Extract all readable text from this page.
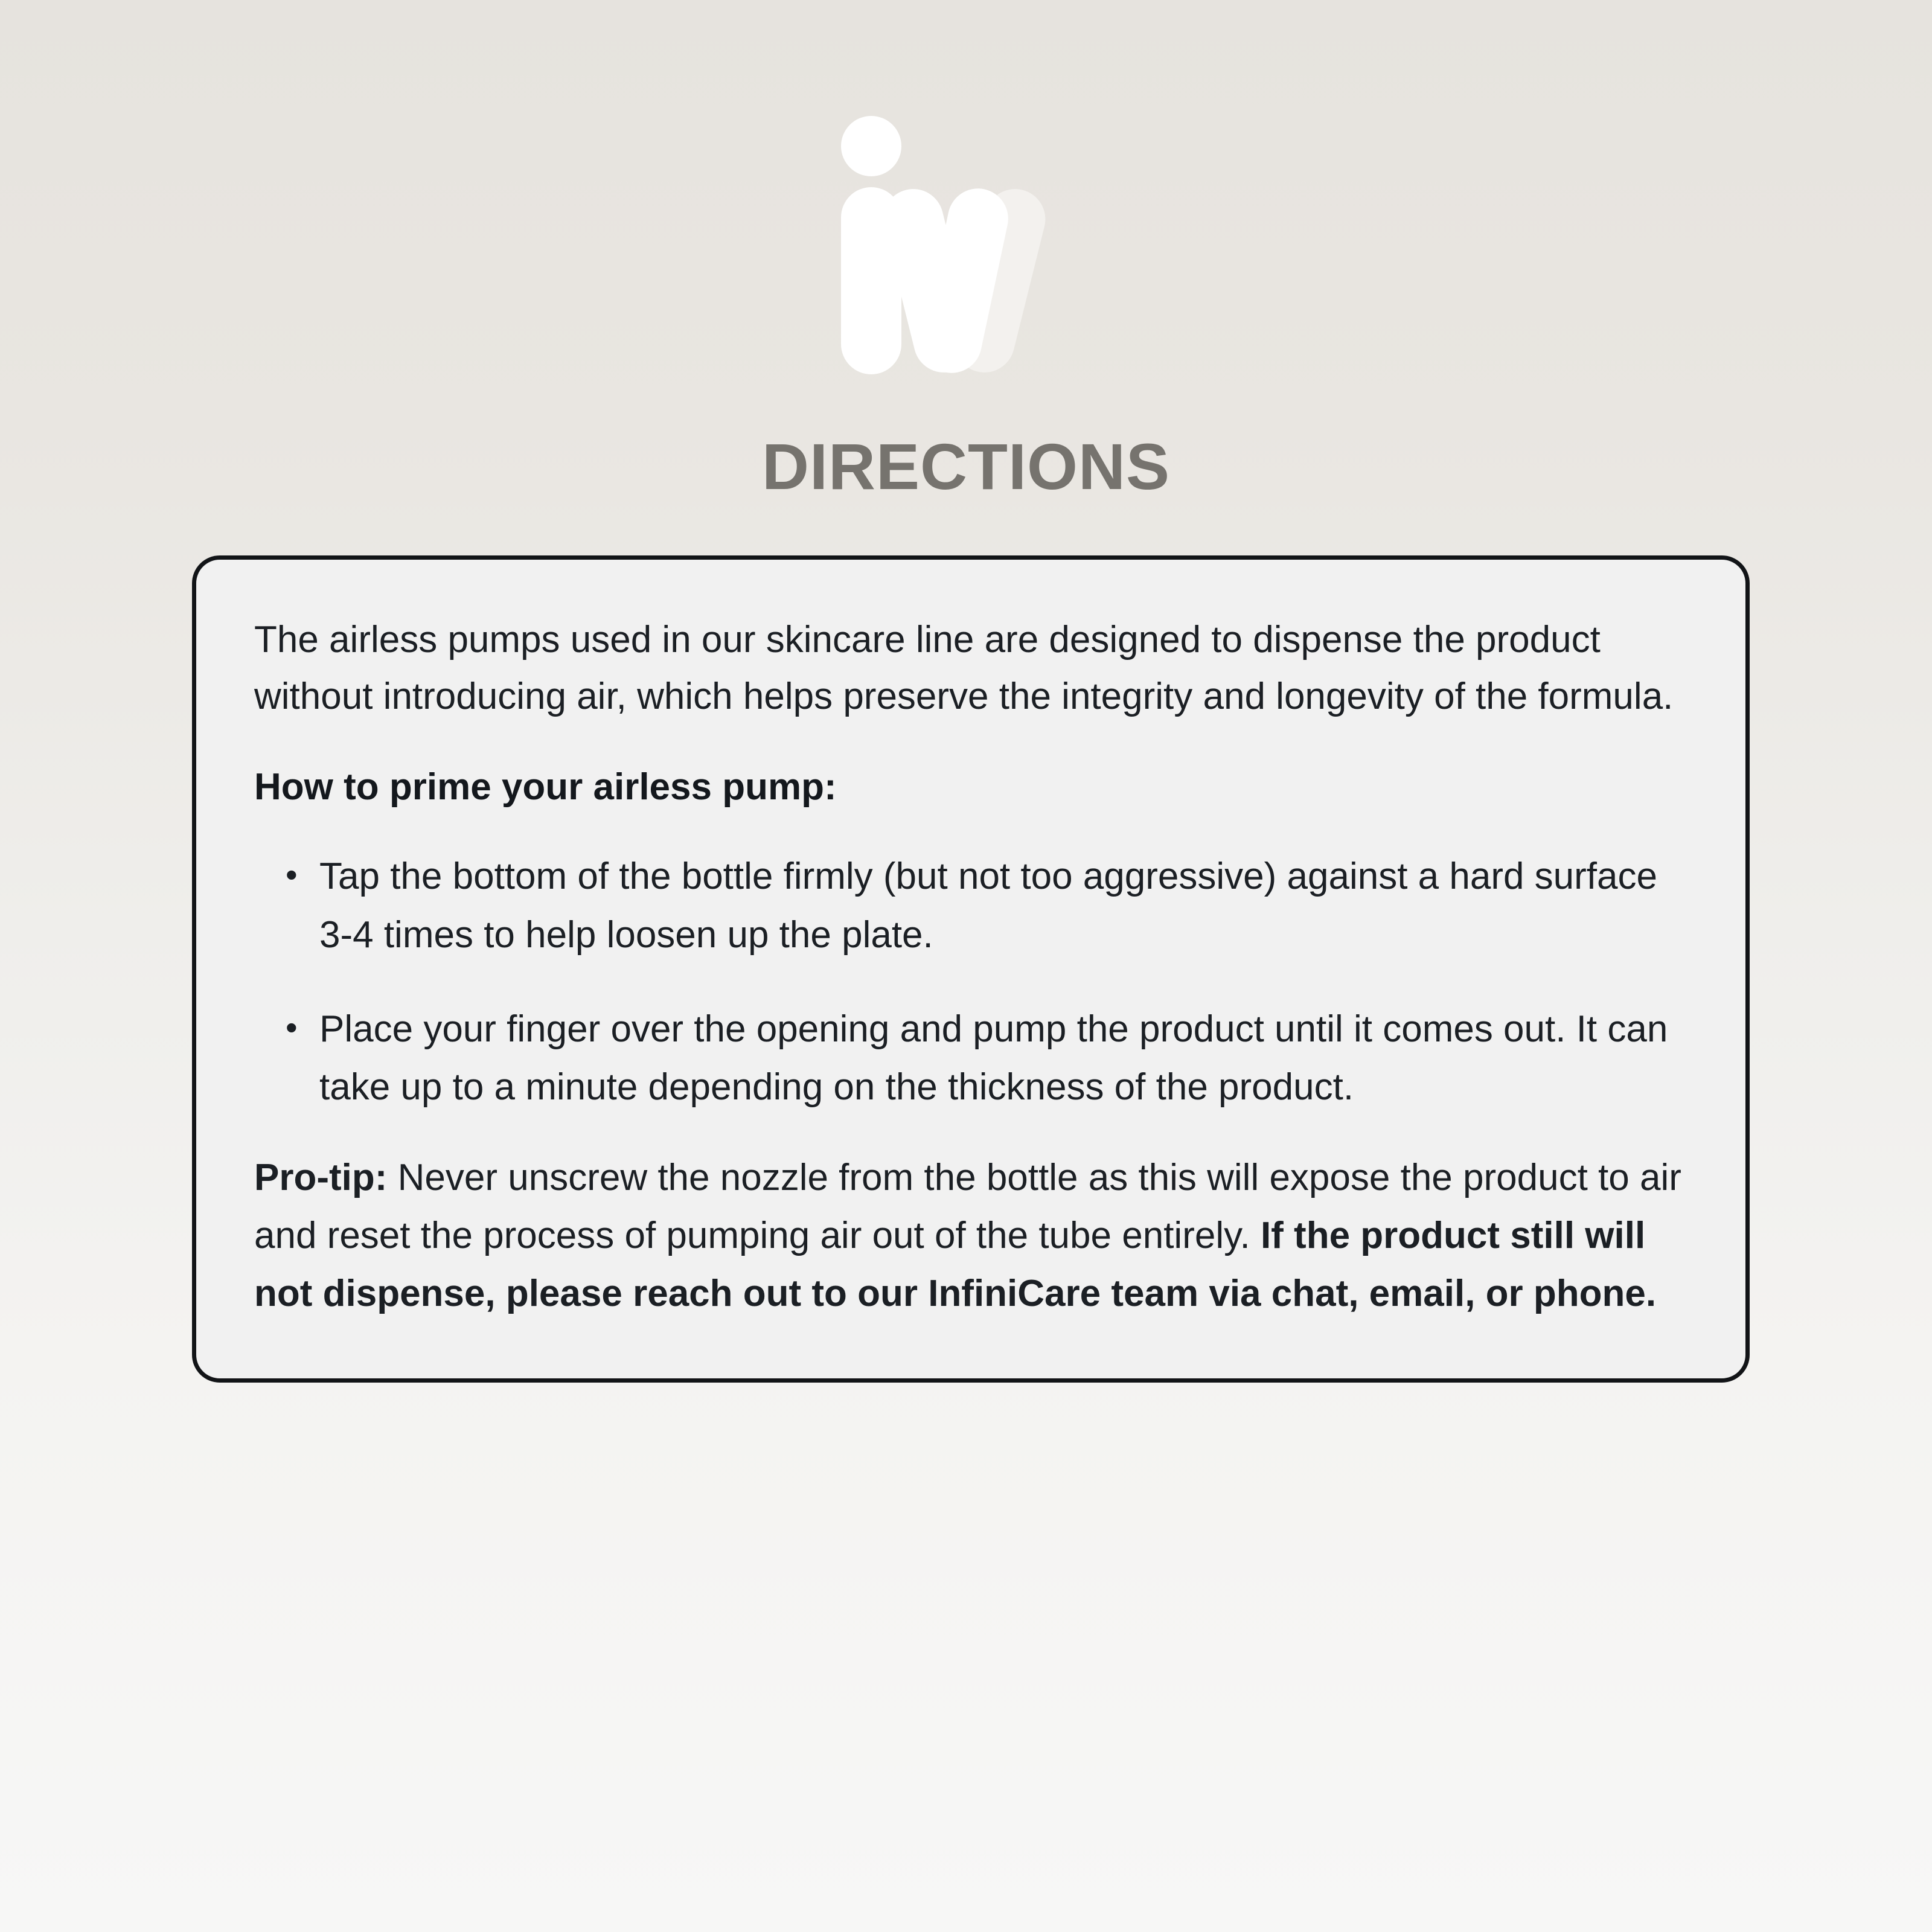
DIRECTIONS

The airless pumps used in our skincare line are designed to dispense the product without introducing air, which helps preserve the integrity and longevity of the formula.

How to prime your airless pump:

• Tap the bottom of the bottle firmly (but not too aggressive) against a hard surface 3-4 times to help loosen up the plate.
• Place your finger over the opening and pump the product until it comes out. It can take up to a minute depending on the thickness of the product.

Pro-tip: Never unscrew the nozzle from the bottle as this will expose the product to air and reset the process of pumping air out of the tube entirely. If the product still will not dispense, please reach out to our InfiniCare team via chat, email, or phone.
